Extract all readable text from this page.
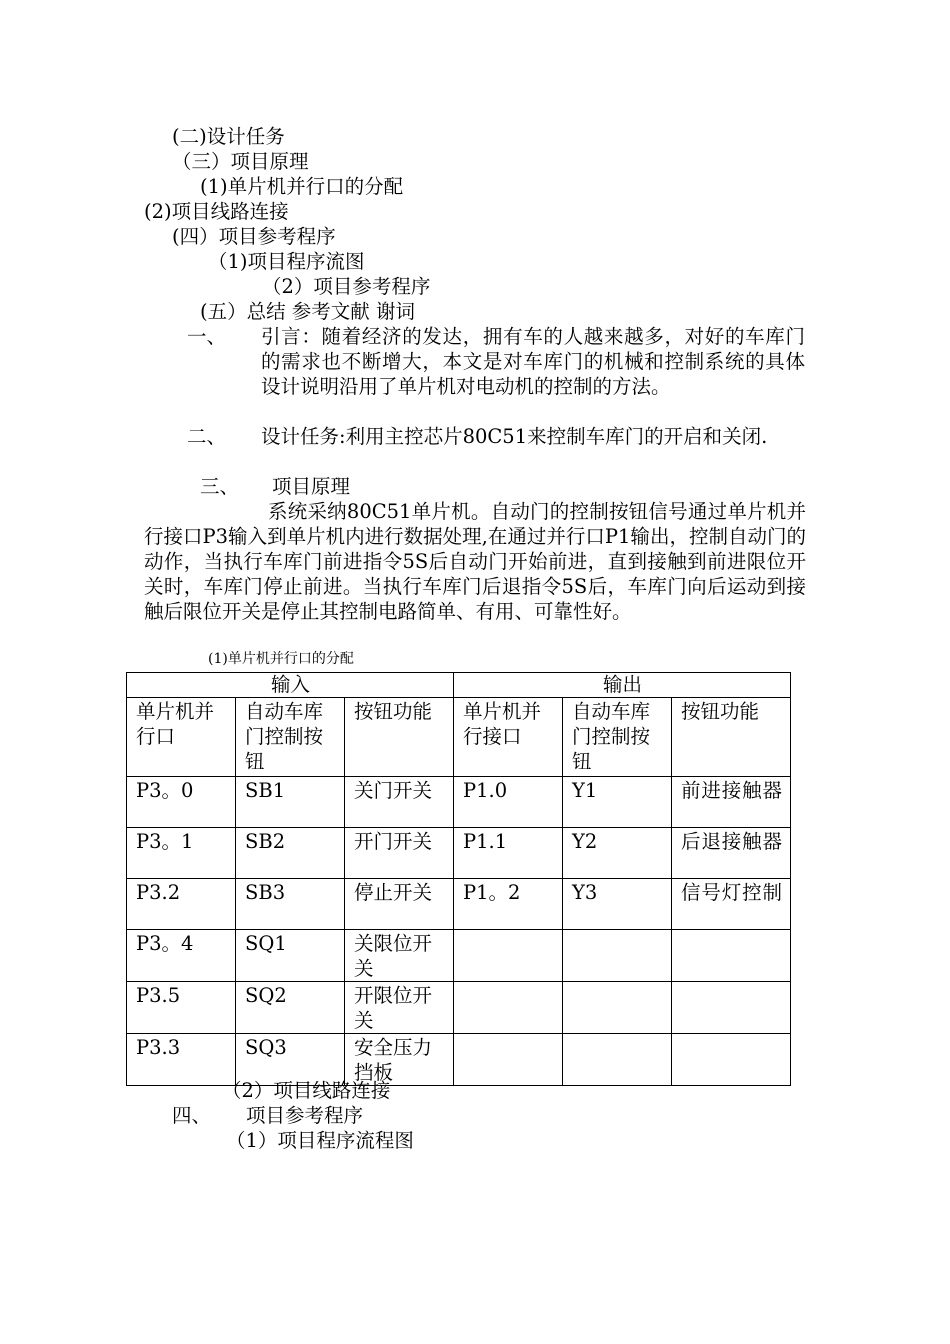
(二)设计任务
（三）项目原理
(1)单片机并行口的分配
(2)项目线路连接
(四）项目参考程序
（1)项目程序流图
（2）项目参考程序
(五）总结 参考文献 谢词
一、 引言：随着经济的发达，拥有车的人越来越多，对好的车库门的需求也不断增大，本文是对车库门的机械和控制系统的具体设计说明沿用了单片机对电动机的控制的方法。
二、 设计任务:利用主控芯片80C51来控制车库门的开启和关闭.
三、 项目原理
系统采纳80C51单片机。自动门的控制按钮信号通过单片机并行接口P3输入到单片机内进行数据处理,在通过并行口P1输出，控制自动门的动作，当执行车库门前进指令5S后自动门开始前进，直到接触到前进限位开关时，车库门停止前进。当执行车库门后退指令5S后，车库门向后运动到接触后限位开关是停止其控制电路简单、有用、可靠性好。
(1)单片机并行口的分配
输入			输出		
单片机并行口	自动车库门控制按钮	按钮功能	单片机并行接口	自动车库门控制按钮	按钮功能
P3。0	SB1	关门开关	P1.0	Y1	前进接触器
P3。1	SB2	开门开关	P1.1	Y2	后退接触器
P3.2	SB3	停止开关	P1。2	Y3	信号灯控制
P3。4	SQ1	关限位开关			
P3.5	SQ2	开限位开关			
P3.3	SQ3	安全压力挡板			
（2）项目线路连接
四、 项目参考程序
（1）项目程序流程图
